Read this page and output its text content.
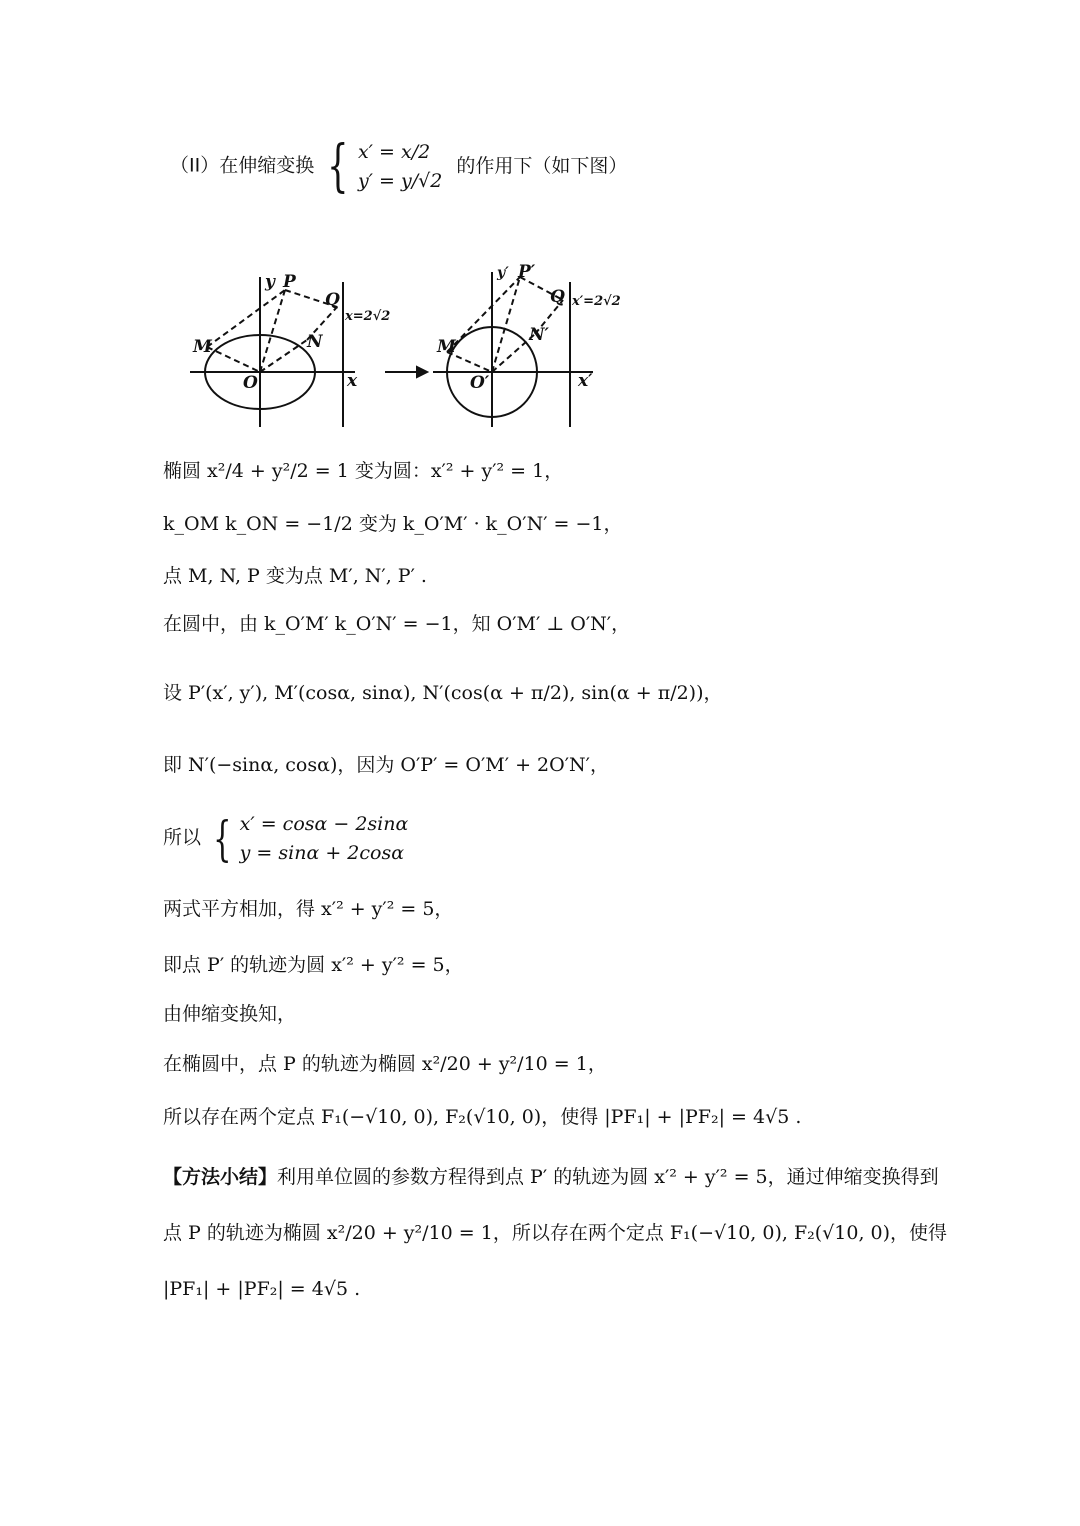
（II）在伸缩变换 { x′ = x/2
y′ = y/√2
的作用下（如下图）
y P
Q
x=2√2
M	N
O	x
y′ P′
Q x′=2√2
M
N′
O′	x′
椭圆 x²/4 + y²/2 = 1 变为圆：x′² + y′² = 1，
k_OM k_ON = −1/2 变为 k_O′M′ · k_O′N′ = −1，
点 M, N, P 变为点 M′, N′, P′ .
在圆中，由 k_O′M′ k_O′N′ = −1，知 O′M′ ⊥ O′N′，
设 P′(x′, y′), M′(cosα, sinα), N′(cos(α + π/2), sin(α + π/2))，
即 N′(−sinα, cosα)，因为 O′P′ = O′M′ + 2O′N′，
所以 { x′ = cosα − 2sinα
y = sinα + 2cosα
两式平方相加，得 x′² + y′² = 5，
即点 P′ 的轨迹为圆 x′² + y′² = 5，
由伸缩变换知，
在椭圆中，点 P 的轨迹为椭圆 x²/20 + y²/10 = 1，
所以存在两个定点 F₁(−√10, 0), F₂(√10, 0)，使得 |PF₁| + |PF₂| = 4√5 .
【方法小结】利用单位圆的参数方程得到点 P′ 的轨迹为圆 x′² + y′² = 5，通过伸缩变换得到
点 P 的轨迹为椭圆 x²/20 + y²/10 = 1，所以存在两个定点 F₁(−√10, 0), F₂(√10, 0)，使得
|PF₁| + |PF₂| = 4√5 .
